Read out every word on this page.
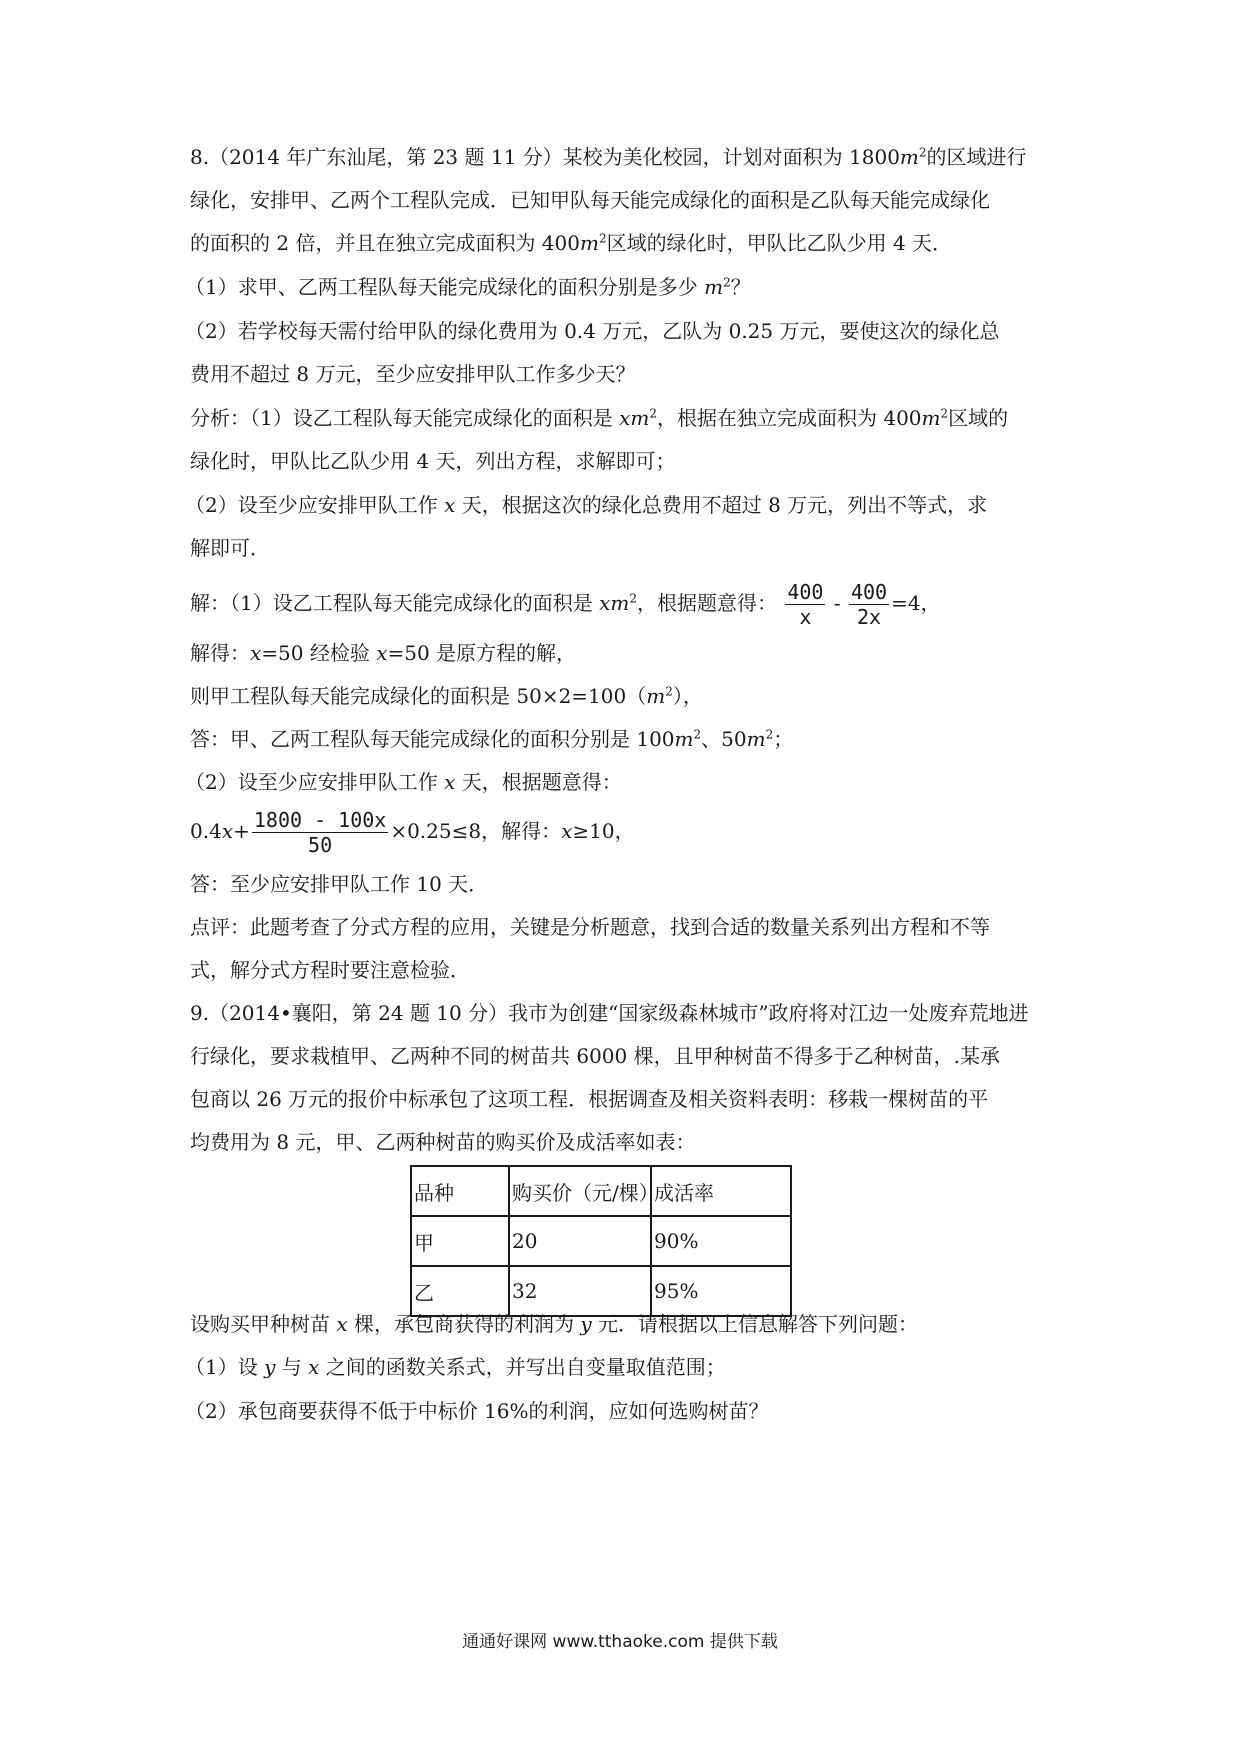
8.（2014 年广东汕尾，第 23 题 11 分）某校为美化校园，计划对面积为 $1800m^2$的区域进行
绿化，安排甲、乙两个工程队完成．已知甲队每天能完成绿化的面积是乙队每天能完成绿化
的面积的 2 倍，并且在独立完成面积为 $400m^2$区域的绿化时，甲队比乙队少用 4 天．
（1）求甲、乙两工程队每天能完成绿化的面积分别是多少 $m^2$？
（2）若学校每天需付给甲队的绿化费用为 0.4 万元，乙队为 0.25 万元，要使这次的绿化总
费用不超过 8 万元，至少应安排甲队工作多少天？
分析：（1）设乙工程队每天能完成绿化的面积是 $xm^2$，根据在独立完成面积为 $400m^2$区域的
绿化时，甲队比乙队少用 4 天，列出方程，求解即可；
（2）设至少应安排甲队工作 x 天，根据这次的绿化总费用不超过 8 万元，列出不等式，求
解即可．
解：（1）设乙工程队每天能完成绿化的面积是 $xm^2$，根据题意得： $\frac{400}{x} - \frac{400}{2x} =4$，
解得：x=50 经检验 x=50 是原方程的解，
则甲工程队每天能完成绿化的面积是 $50\times 2=100(m^2)$，
答：甲、乙两工程队每天能完成绿化的面积分别是 $100m^2$、$50m^2$；
（2）设至少应安排甲队工作 x 天，根据题意得：
$0.4x+ \frac{1800 - 100x}{50} \times 0.25\le 8$，解得：x≥10，
答：至少应安排甲队工作 10 天．
点评：此题考查了分式方程的应用，关键是分析题意，找到合适的数量关系列出方程和不等
式，解分式方程时要注意检验．
9.（2014•襄阳，第 24 题 10 分）我市为创建“国家级森林城市”政府将对江边一处废弃荒地进
行绿化，要求栽植甲、乙两种不同的树苗共 6000 棵，且甲种树苗不得多于乙种树苗，.某承
包商以 26 万元的报价中标承包了这项工程．根据调查及相关资料表明：移栽一棵树苗的平
均费用为 8 元，甲、乙两种树苗的购买价及成活率如表：
设购买甲种树苗 x 棵，承包商获得的利润为 y 元．请根据以上信息解答下列问题：
（1）设 y 与 x 之间的函数关系式，并写出自变量取值范围；
（2）承包商要获得不低于中标价 16%的利润，应如何选购树苗？
品种	购买价（元/棵）	成活率
甲	20	90%
乙	32	95%
通通好课网 www.tthaoke.com 提供下载
